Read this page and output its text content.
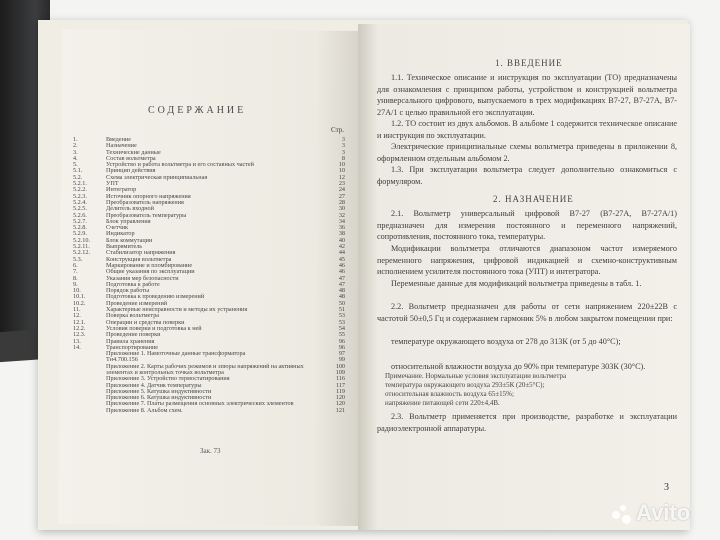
СОДЕРЖАНИЕ
Стр.
1.	Введение	3
2.	Назначение	3
3.	Технические данные	3
4.	Состав вольтметра	8
5.	Устройство и работа вольтметра и его составных частей	10
5.1.	Принцип действия	10
5.2.	Схема электрическая принципиальная	12
5.2.1.	УПТ	23
5.2.2.	Интегратор	24
5.2.3.	Источник опорного напряжения	27
5.2.4.	Преобразователь напряжения	28
5.2.5.	Делитель входной	30
5.2.6.	Преобразователь температуры	32
5.2.7.	Блок управления	34
5.2.8.	Счетчик	36
5.2.9.	Индикатор	38
5.2.10.	Блок коммутации	40
5.2.11.	Выпрямитель	42
5.2.12.	Стабилизатор напряжения	44
5.3.	Конструкция вольтметра	45
6.	Маркирование и пломбирование	46
7.	Общие указания по эксплуатации	46
8.	Указания мер безопасности	47
9.	Подготовка к работе	47
10.	Порядок работы	48
10.1.	Подготовка к проведению измерений	48
10.2.	Проведение измерений	50
11.	Характерные неисправности и методы их устранения	51
12.	Поверка вольтметра	53
12.1.	Операции и средства поверки	53
12.2.	Условия поверки и подготовка к ней	54
12.3.	Проведение поверки	55
13.	Правила хранения	96
14.	Транспортирование	96
Приложение 1. Намоточные данные трансформатора	97
Тн4.700.156	99
Приложение 2. Карты рабочих режимов и эпюры напряжений на активных	100
элементах и контрольных точках вольтметра	109
Приложение 3. Устройство термостатирования	116
Приложение 4. Датчик температуры	117
Приложение 5. Катушка индуктивности	119
Приложение 6. Катушка индуктивности	120
Приложение 7. Платы размещения основных электрических элементов	120
Приложение 8. Альбом схем.	121
Зак. 73
1. ВВЕДЕНИЕ
1.1. Техническое описание и инструкция по эксплуатации (ТО) предназначены для ознакомления с принципом работы, устройством и конструкцией вольтметра универсального цифрового, выпускаемого в трех модификациях В7-27, В7-27А, В7-27А/1 с целью правильной его эксплуатации.
1.2. ТО состоит из двух альбомов. В альбоме 1 содержится техническое описание и инструкция по эксплуатации.
Электрические принципиальные схемы вольтметра приведены в приложении 8, оформленном отдельным альбомом 2.
1.3. При эксплуатации вольтметра следует дополнительно ознакомиться с формуляром.
2. НАЗНАЧЕНИЕ
2.1. Вольтметр универсальный цифровой В7-27 (В7-27А, В7-27А/1) предназначен для измерения постоянного и переменного напряжений, сопротивления, постоянного тока, температуры.
Модификации вольтметра отличаются диапазоном частот измеряемого переменного напряжения, цифровой индикацией и схемно-конструктивным исполнением усилителя постоянного тока (УПТ) и интегратора.
Переменные данные для модификаций вольтметра приведены в табл. 1.
2.2. Вольтметр предназначен для работы от сети напряжением 220±22В с частотой 50±0,5 Гц и содержанием гармоник 5% в любом закрытом помещении при:
температуре окружающего воздуха от 278 до 313К (от 5 до 40°С);
относительной влажности воздуха до 90% при температуре 303К (30°С).
Примечание. Нормальные условия эксплуатации вольтметра
температура окружающего воздуха 293±5К (20±5°С);
относительная влажность воздуха 65±15%;
напряжение питающей сети 220±4,4В.
2.3. Вольтметр применяется при производстве, разработке и эксплуатации радиоэлектронной аппаратуры.
3
Avito
